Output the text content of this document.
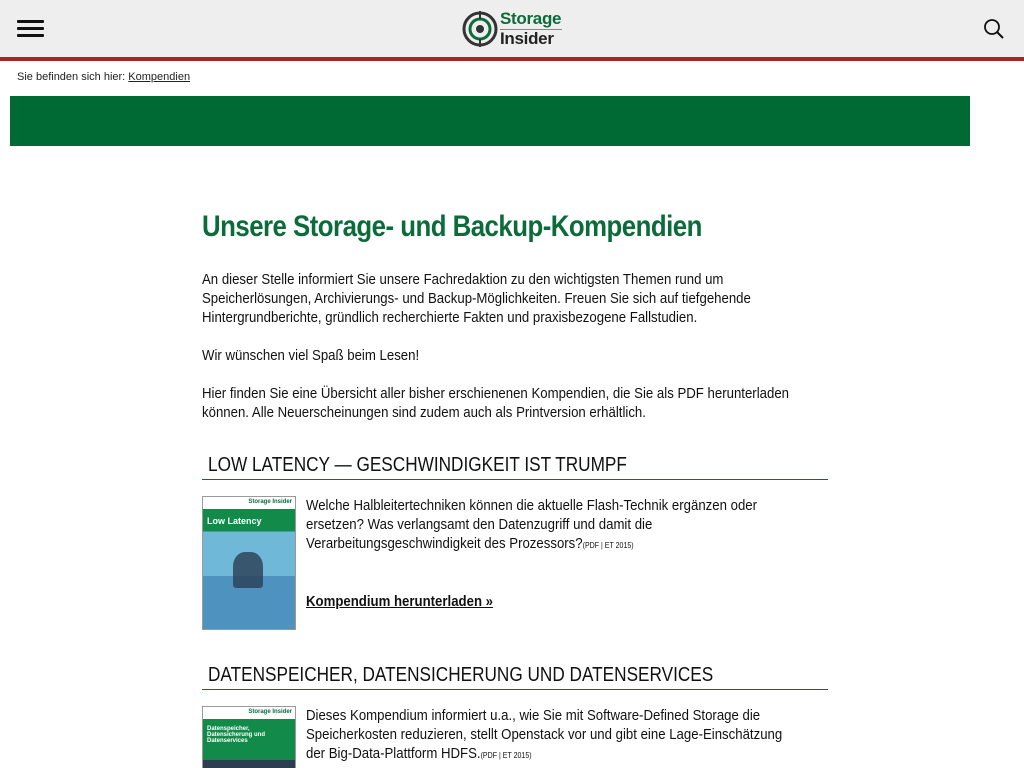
Storage
Insider
Sie befinden sich hier: Kompendien
Unsere Storage- und Backup-Kompendien

An dieser Stelle informiert Sie unsere Fachredaktion zu den wichtigsten Themen rund um Speicherlösungen, Archivierungs- und Backup-Möglichkeiten. Freuen Sie sich auf tiefgehende Hintergrundberichte, gründlich recherchierte Fakten und praxisbezogene Fallstudien.

Wir wünschen viel Spaß beim Lesen!

Hier finden Sie eine Übersicht aller bisher erschienenen Kompendien, die Sie als PDF herunterladen können. Alle Neuerscheinungen sind zudem auch als Printversion erhältlich.

LOW LATENCY — GESCHWINDIGKEIT IST TRUMPF
Storage Insider
Low Latency

Welche Halbleitertechniken können die aktuelle Flash-Technik ergänzen oder ersetzen? Was verlangsamt den Datenzugriff und damit die Verarbeitungsgeschwindigkeit des Prozessors?(PDF | ET 2015)

Kompendium herunterladen »
DATENSPEICHER, DATENSICHERUNG UND DATENSERVICES
Storage Insider
Datenspeicher, Datensicherung und Datenservices

Dieses Kompendium informiert u.a., wie Sie mit Software-Defined Storage die Speicherkosten reduzieren, stellt Openstack vor und gibt eine Lage-Einschätzung der Big-Data-Plattform HDFS.(PDF | ET 2015)
